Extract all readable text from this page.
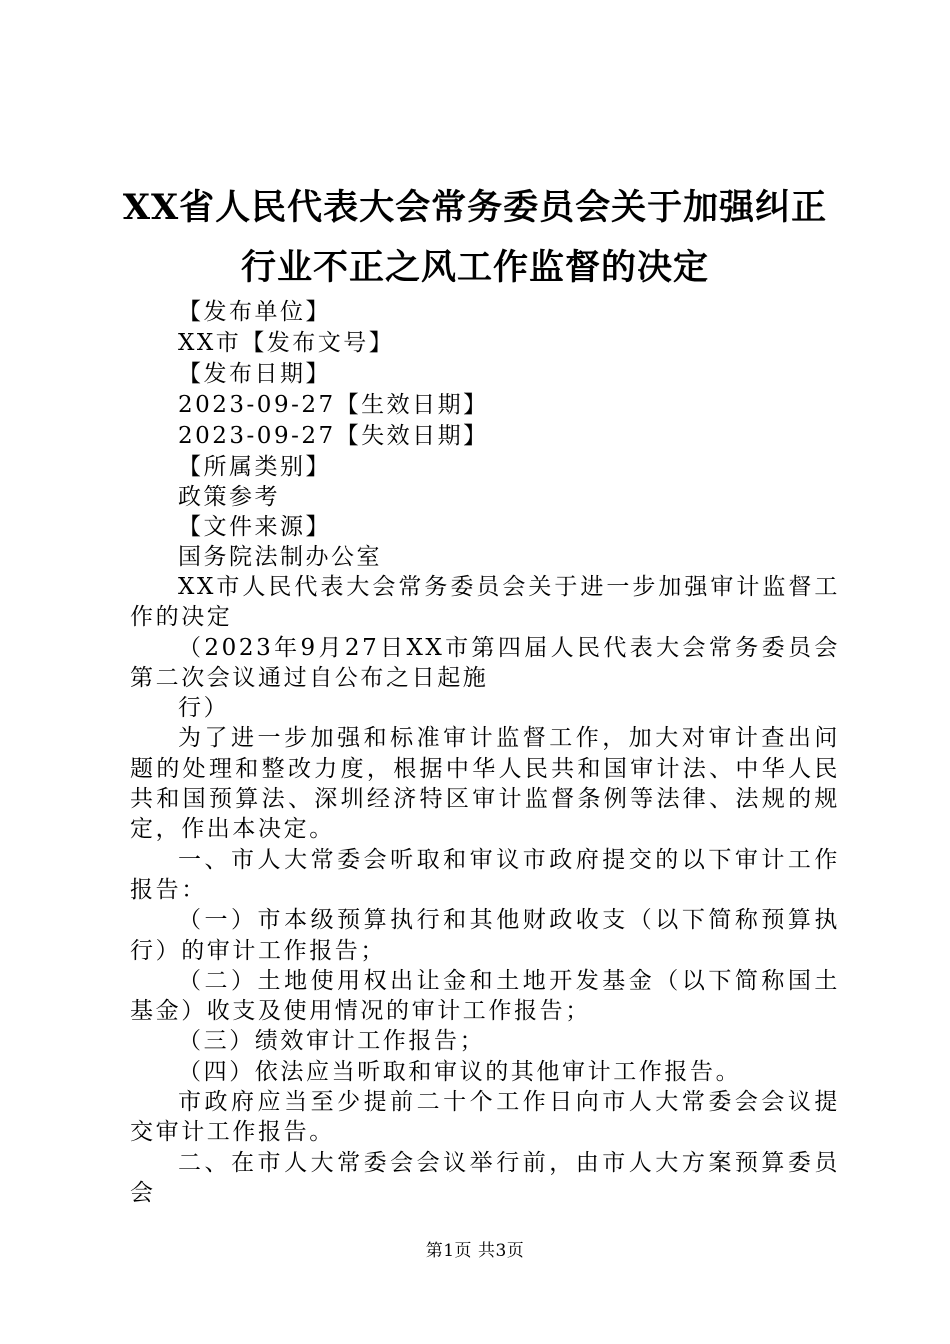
XX省人民代表大会常务委员会关于加强纠正
行业不正之风工作监督的决定
【发布单位】
XX市【发布文号】
【发布日期】
2023-09-27【生效日期】
2023-09-27【失效日期】
【所属类别】
政策参考
【文件来源】
国务院法制办公室

XX市人民代表大会常务委员会关于进一步加强审计监督工作的决定

（2023年9月27日XX市第四届人民代表大会常务委员会第二次会议通过自公布之日起施

行）

为了进一步加强和标准审计监督工作，加大对审计查出问题的处理和整改力度，根据中华人民共和国审计法、中华人民共和国预算法、深圳经济特区审计监督条例等法律、法规的规定，作出本决定。

一、市人大常委会听取和审议市政府提交的以下审计工作报告：

（一）市本级预算执行和其他财政收支（以下简称预算执行）的审计工作报告；

（二）土地使用权出让金和土地开发基金（以下简称国土基金）收支及使用情况的审计工作报告；

（三）绩效审计工作报告；

（四）依法应当听取和审议的其他审计工作报告。

市政府应当至少提前二十个工作日向市人大常委会会议提交审计工作报告。

二、在市人大常委会会议举行前，由市人大方案预算委员会

第1页 共3页
